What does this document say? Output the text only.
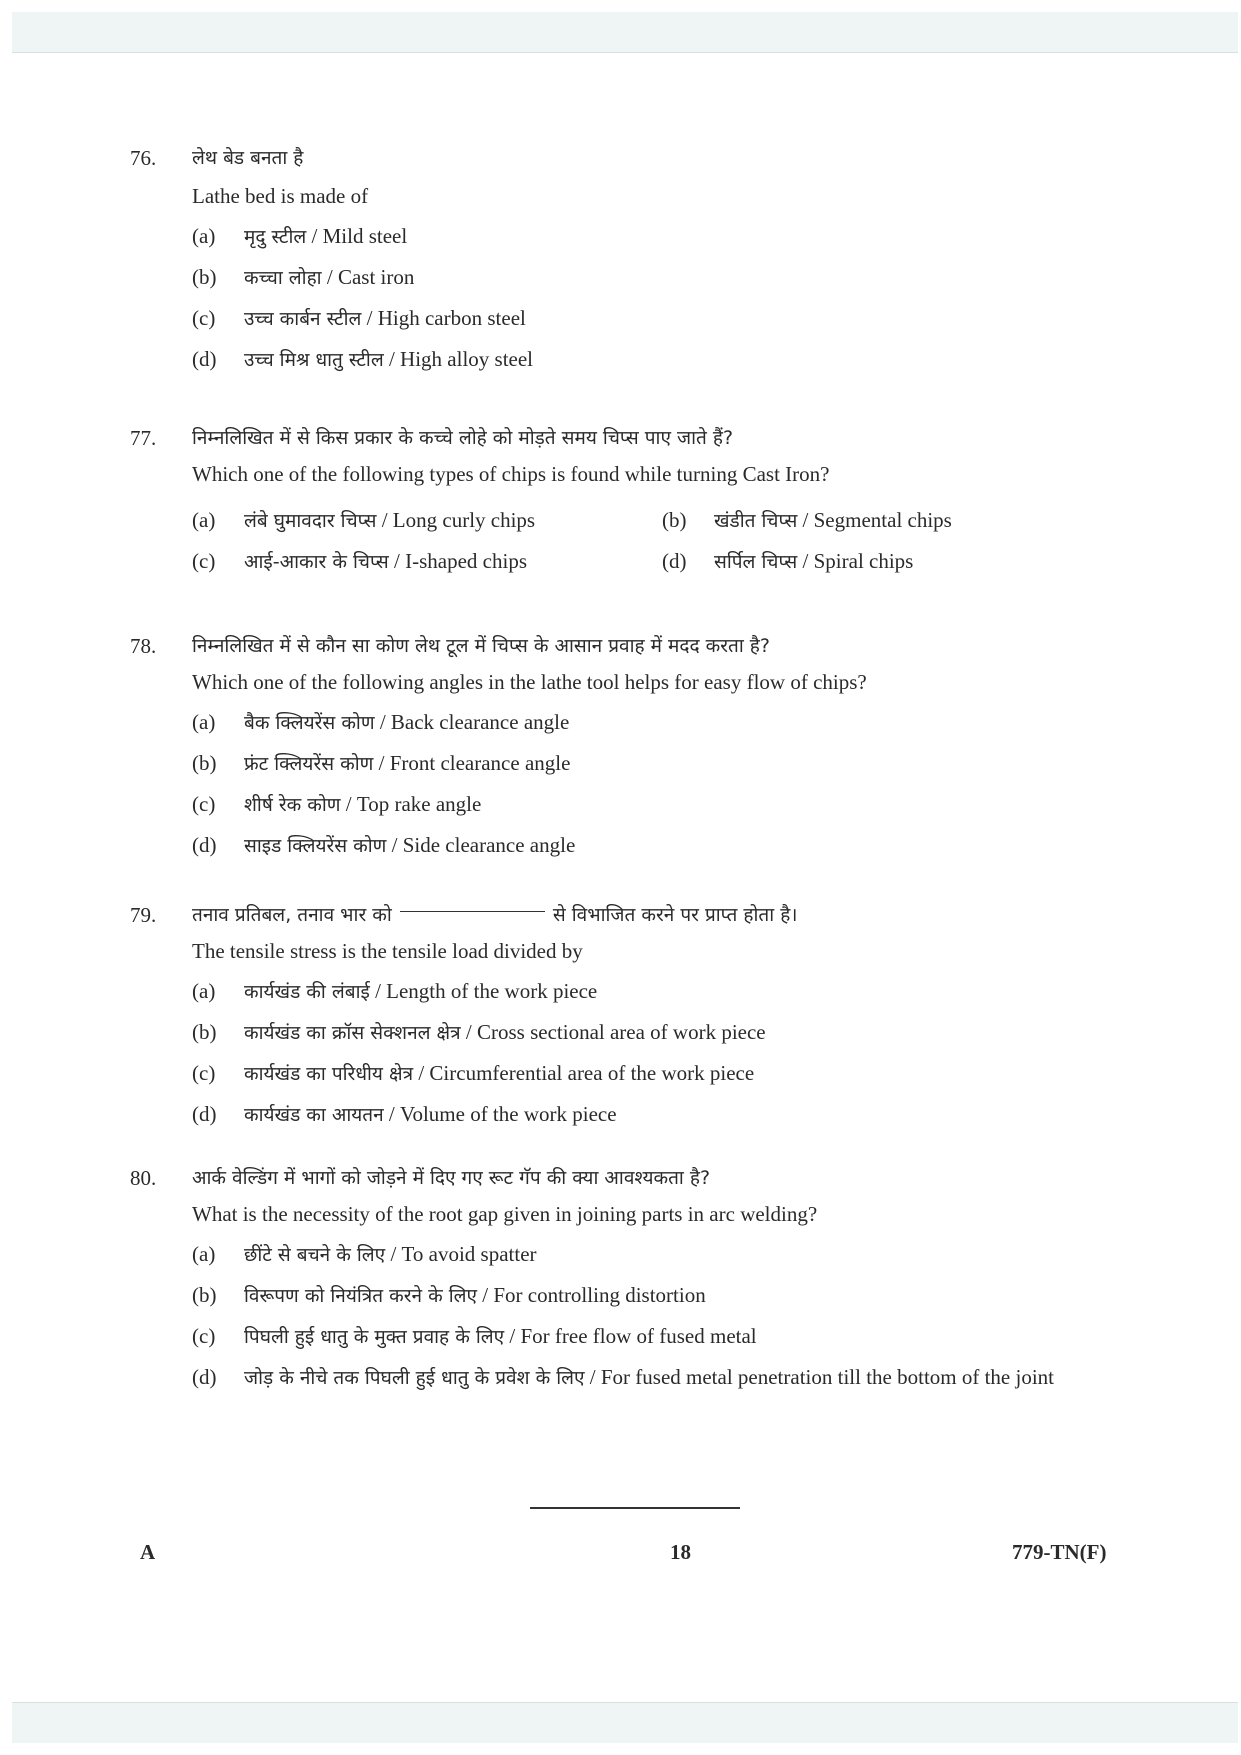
76.	लेथ बेड बनता है
Lathe bed is made of
(a)	मृदु स्टील / Mild steel
(b)	कच्चा लोहा / Cast iron
(c)	उच्च कार्बन स्टील / High carbon steel
(d)	उच्च मिश्र धातु स्टील / High alloy steel
77.	निम्नलिखित में से किस प्रकार के कच्चे लोहे को मोड़ते समय चिप्स पाए जाते हैं?
Which one of the following types of chips is found while turning Cast Iron?
(a)	लंबे घुमावदार चिप्स / Long curly chips	(b)	खंडीत चिप्स / Segmental chips
(c)	आई-आकार के चिप्स / I-shaped chips	(d)	सर्पिल चिप्स / Spiral chips
78.	निम्नलिखित में से कौन सा कोण लेथ टूल में चिप्स के आसान प्रवाह में मदद करता है?
Which one of the following angles in the lathe tool helps for easy flow of chips?
(a)	बैक क्लियरेंस कोण / Back clearance angle
(b)	फ्रंट क्लियरेंस कोण / Front clearance angle
(c)	शीर्ष रेक कोण / Top rake angle
(d)	साइड क्लियरेंस कोण / Side clearance angle
79.	तनाव प्रतिबल, तनाव भार को	से विभाजित करने पर प्राप्त होता है।
The tensile stress is the tensile load divided by
(a)	कार्यखंड की लंबाई / Length of the work piece
(b)	कार्यखंड का क्रॉस सेक्शनल क्षेत्र / Cross sectional area of work piece
(c)	कार्यखंड का परिधीय क्षेत्र / Circumferential area of the work piece
(d)	कार्यखंड का आयतन / Volume of the work piece
80.	आर्क वेल्डिंग में भागों को जोड़ने में दिए गए रूट गॅप की क्या आवश्यकता है?
What is the necessity of the root gap given in joining parts in arc welding?
(a)	छींटे से बचने के लिए / To avoid spatter
(b)	विरूपण को नियंत्रित करने के लिए / For controlling distortion
(c)	पिघली हुई धातु के मुक्त प्रवाह के लिए / For free flow of fused metal
(d)	जोड़ के नीचे तक पिघली हुई धातु के प्रवेश के लिए / For fused metal penetration till the bottom of the joint
A	18	779-TN(F)
